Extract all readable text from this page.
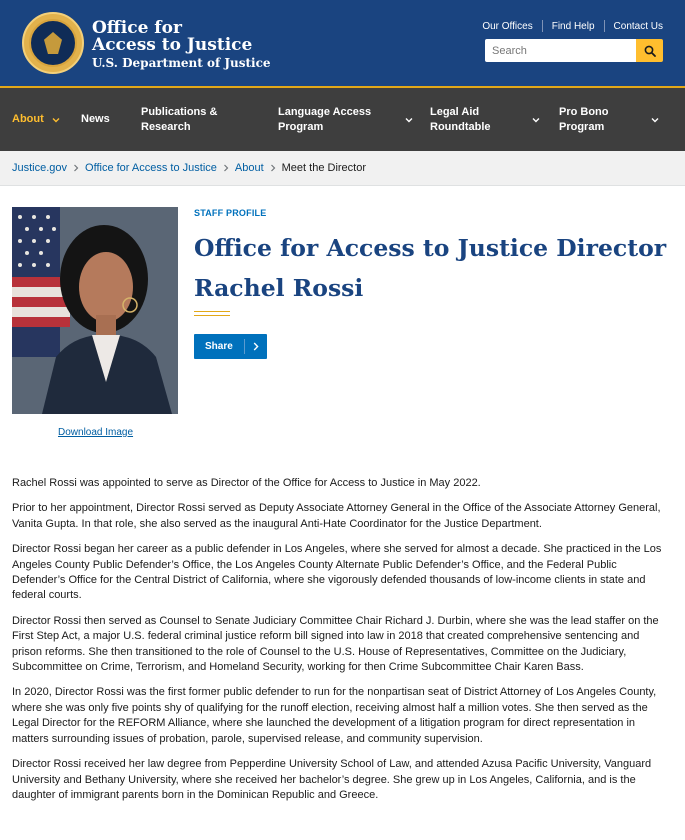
Office for
Access to Justice
U.S. Department of Justice
Our Offices Find Help Contact Us
Search
About	News
Publications & Research
Language Access Program
Legal Aid Roundtable
Pro Bono Program
Justice.gov Office for Access to Justice About Meet the Director
Download Image
STAFF PROFILE
Office for Access to Justice Director Rachel Rossi
Share

Rachel Rossi was appointed to serve as Director of the Office for Access to Justice in May 2022.

Prior to her appointment, Director Rossi served as Deputy Associate Attorney General in the Office of the Associate Attorney General, Vanita Gupta. In that role, she also served as the inaugural Anti-Hate Coordinator for the Justice Department.

Director Rossi began her career as a public defender in Los Angeles, where she served for almost a decade. She practiced in the Los Angeles County Public Defender’s Office, the Los Angeles County Alternate Public Defender’s Office, and the Federal Public Defender’s Office for the Central District of California, where she vigorously defended thousands of low-income clients in state and federal courts.

Director Rossi then served as Counsel to Senate Judiciary Committee Chair Richard J. Durbin, where she was the lead staffer on the First Step Act, a major U.S. federal criminal justice reform bill signed into law in 2018 that created comprehensive sentencing and prison reforms. She then transitioned to the role of Counsel to the U.S. House of Representatives, Committee on the Judiciary, Subcommittee on Crime, Terrorism, and Homeland Security, working for then Crime Subcommittee Chair Karen Bass.

In 2020, Director Rossi was the first former public defender to run for the nonpartisan seat of District Attorney of Los Angeles County, where she was only five points shy of qualifying for the runoff election, receiving almost half a million votes. She then served as the Legal Director for the REFORM Alliance, where she launched the development of a litigation program for direct representation in matters surrounding issues of probation, parole, supervised release, and community supervision.

Director Rossi received her law degree from Pepperdine University School of Law, and attended Azusa Pacific University, Vanguard University and Bethany University, where she received her bachelor’s degree. She grew up in Los Angeles, California, and is the daughter of immigrant parents born in the Dominican Republic and Greece.
